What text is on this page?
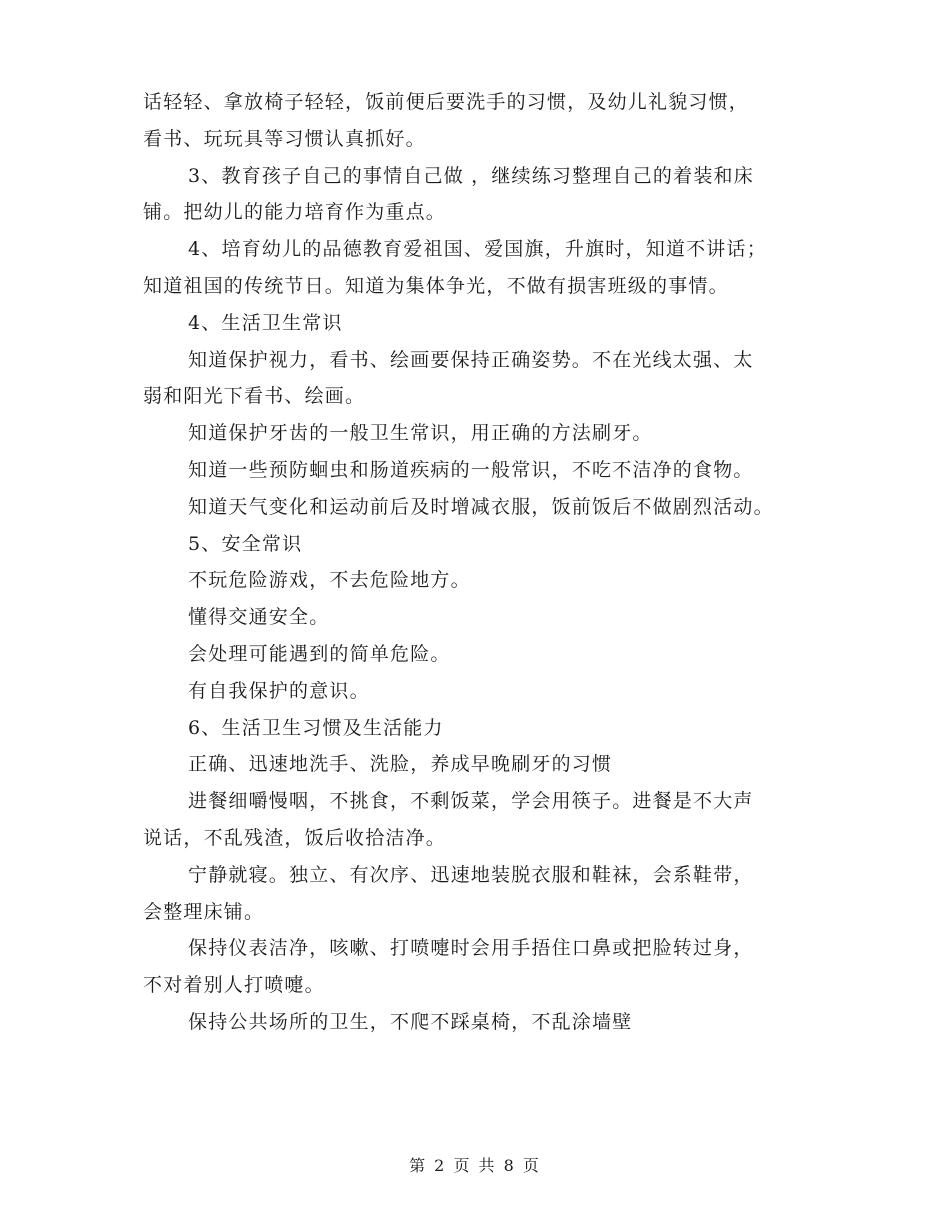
话轻轻、拿放椅子轻轻，饭前便后要洗手的习惯，及幼儿礼貌习惯，
看书、玩玩具等习惯认真抓好。

3、教育孩子自己的事情自己做 ，继续练习整理自己的着装和床
铺。把幼儿的能力培育作为重点。

4、培育幼儿的品德教育爱祖国、爱国旗，升旗时，知道不讲话；
知道祖国的传统节日。知道为集体争光，不做有损害班级的事情。

4、生活卫生常识

知道保护视力，看书、绘画要保持正确姿势。不在光线太强、太
弱和阳光下看书、绘画。

知道保护牙齿的一般卫生常识，用正确的方法刷牙。

知道一些预防蛔虫和肠道疾病的一般常识，不吃不洁净的食物。

知道天气变化和运动前后及时增减衣服，饭前饭后不做剧烈活动。

5、安全常识

不玩危险游戏，不去危险地方。

懂得交通安全。

会处理可能遇到的简单危险。

有自我保护的意识。

6、生活卫生习惯及生活能力

正确、迅速地洗手、洗脸，养成早晚刷牙的习惯

进餐细嚼慢咽，不挑食，不剩饭菜，学会用筷子。进餐是不大声
说话，不乱残渣，饭后收拾洁净。

宁静就寝。独立、有次序、迅速地装脱衣服和鞋袜，会系鞋带，
会整理床铺。

保持仪表洁净，咳嗽、打喷嚏时会用手捂住口鼻或把脸转过身，
不对着别人打喷嚏。

保持公共场所的卫生，不爬不踩桌椅，不乱涂墙壁

第 2 页 共 8 页
